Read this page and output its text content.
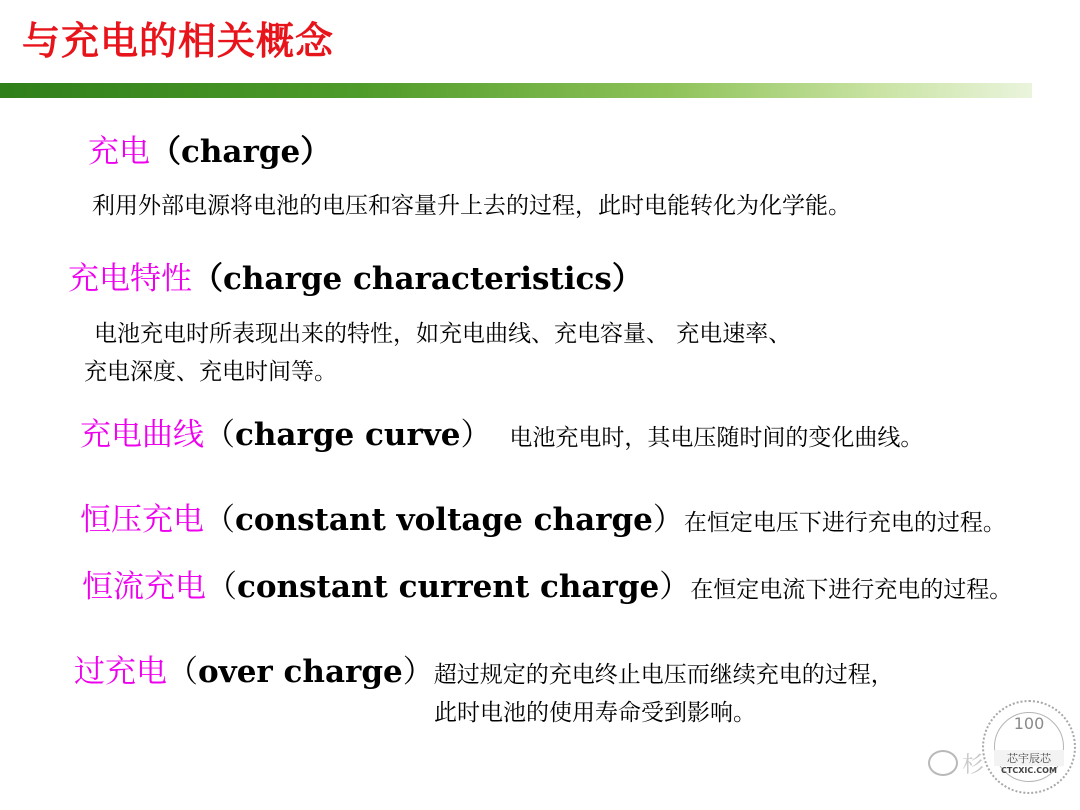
与充电的相关概念
充电（charge）
利用外部电源将电池的电压和容量升上去的过程，此时电能转化为化学能。
充电特性（charge characteristics）
电池充电时所表现出来的特性，如充电曲线、充电容量、 充电速率、
充电深度、充电时间等。
充电曲线（charge curve） 电池充电时，其电压随时间的变化曲线。
恒压充电（constant voltage charge）在恒定电压下进行充电的过程。
恒流充电（constant current charge）在恒定电流下进行充电的过程。
过充电（over charge）超过规定的充电终止电压而继续充电的过程，
此时电池的使用寿命受到影响。
杉
100
芯宇辰芯
CTCXIC.COM
